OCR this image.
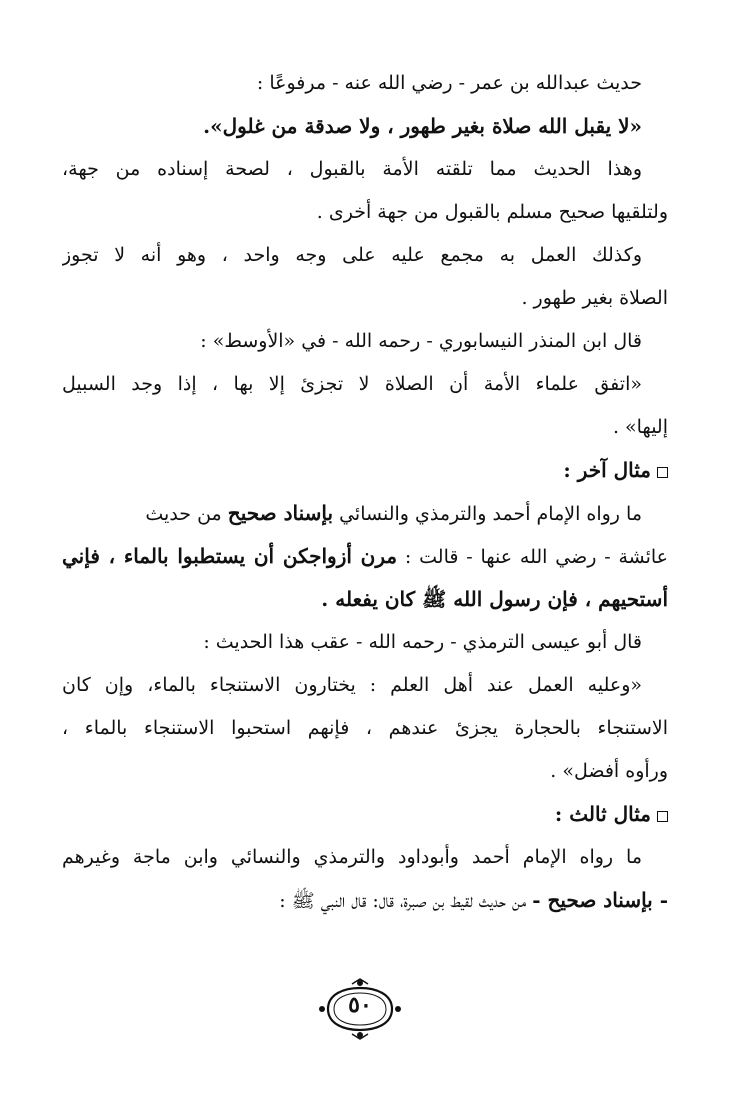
حديث عبدالله بن عمر - رضي الله عنه - مرفوعًا :
«لا يقبل الله صلاة بغير طهور ، ولا صدقة من غلول».
وهذا الحديث مما تلقته الأمة بالقبول ، لصحة إسناده من جهة،
ولتلقيها صحيح مسلم بالقبول من جهة أخرى .
وكذلك العمل به مجمع عليه على وجه واحد ، وهو أنه لا تجوز
الصلاة بغير طهور .
قال ابن المنذر النيسابوري - رحمه الله - في «الأوسط» :
«اتفق علماء الأمة أن الصلاة لا تجزئ إلا بها ، إذا وجد السبيل
إليها» .
مثال آخر :
ما رواه الإمام أحمد والترمذي والنسائي بإسناد صحيح من حديث
عائشة - رضي الله عنها - قالت : مرن أزواجكن أن يستطبوا بالماء ، فإني
أستحيهم ، فإن رسول الله ﷺ كان يفعله .
قال أبو عيسى الترمذي - رحمه الله - عقب هذا الحديث :
«وعليه العمل عند أهل العلم : يختارون الاستنجاء بالماء، وإن كان
الاستنجاء بالحجارة يجزئ عندهم ، فإنهم استحبوا الاستنجاء بالماء ،
ورأوه أفضل» .
مثال ثالث :
ما رواه الإمام أحمد وأبوداود والترمذي والنسائي وابن ماجة وغيرهم
- بإسناد صحيح - من حديث لقيط بن صبرة، قال: قال النبي ﷺ :
٥٠
